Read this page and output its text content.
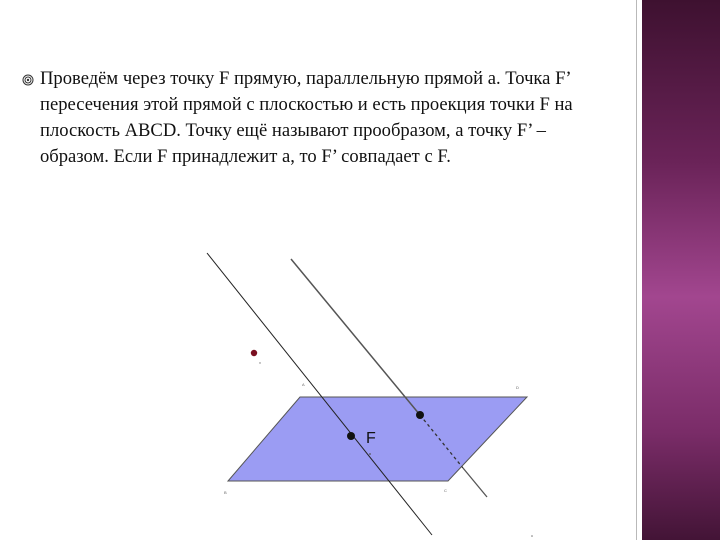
Проведём через точку F прямую, параллельную прямой а. Точка F’
пересечения этой прямой с плоскостью и есть проекция точки F на
плоскость ABCD. Точку ещё называют прообразом, а точку F’ –
образом. Если F принадлежит а, то F’ совпадает с F.

F
A
D
B	C
